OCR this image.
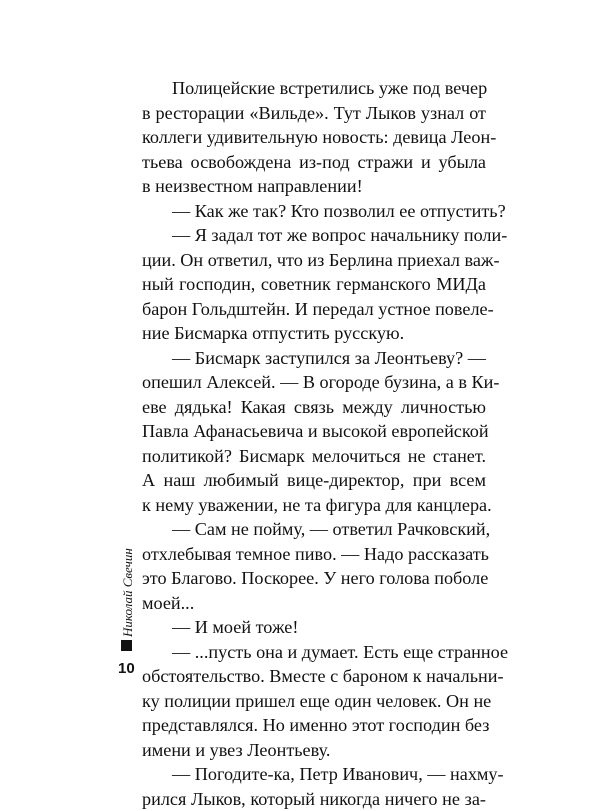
Полицейские встретились уже под вечер
в ресторации «Вильде». Тут Лыков узнал от
коллеги удивительную новость: девица Леон-
тьева освобождена из-под стражи и убыла
в неизвестном направлении!
— Как же так? Кто позволил ее отпустить?
— Я задал тот же вопрос начальнику поли-
ции. Он ответил, что из Берлина приехал важ-
ный господин, советник германского МИДа
барон Гольдштейн. И передал устное повеле-
ние Бисмарка отпустить русскую.
— Бисмарк заступился за Леонтьеву? —
опешил Алексей. — В огороде бузина, а в Ки-
еве дядька! Какая связь между личностью
Павла Афанасьевича и высокой европейской
политикой? Бисмарк мелочиться не станет.
А наш любимый вице-директор, при всем
к нему уважении, не та фигура для канцлера.
— Сам не пойму, — ответил Рачковский,
отхлебывая темное пиво. — Надо рассказать
это Благово. Поскорее. У него голова поболе
моей...
— И моей тоже!
— ...пусть она и думает. Есть еще странное
обстоятельство. Вместе с бароном к начальни-
ку полиции пришел еще один человек. Он не
представлялся. Но именно этот господин без
имени и увез Леонтьеву.
— Погодите-ка, Петр Иванович, — нахму-
рился Лыков, который никогда ничего не за-
Николай Свечин
10
